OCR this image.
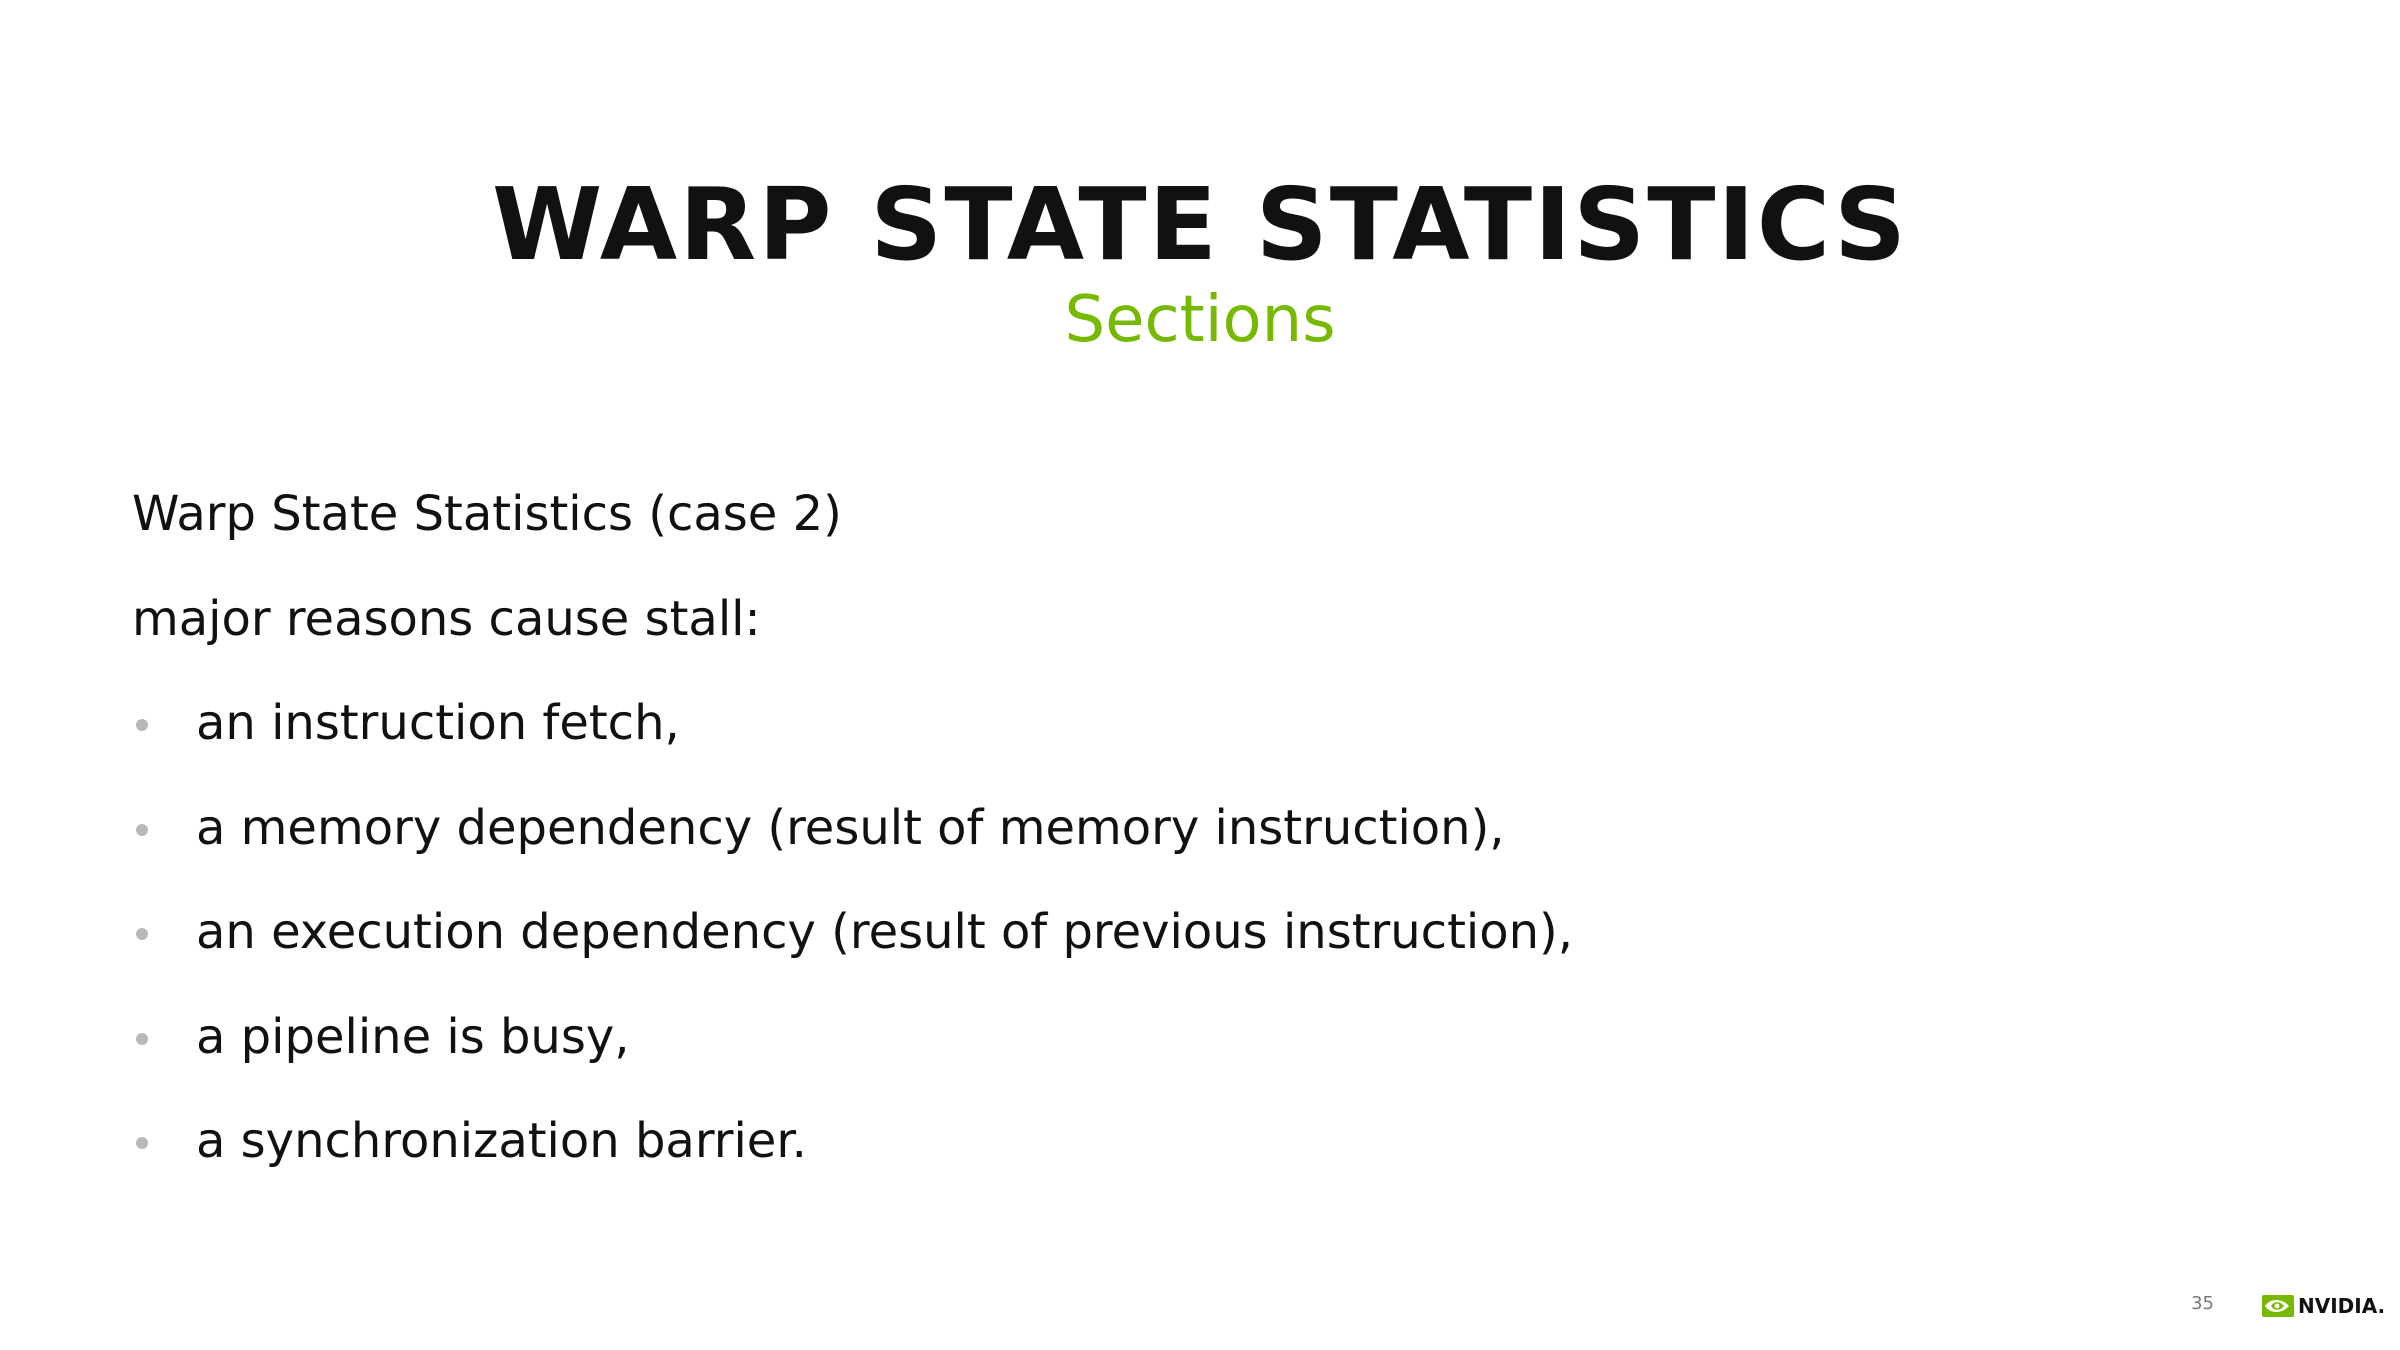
WARP STATE STATISTICS
Sections
Warp State Statistics (case 2)
major reasons cause stall:
an instruction fetch,
a memory dependency (result of memory instruction),
an execution dependency (result of previous instruction),
a pipeline is busy,
a synchronization barrier.
35	NVIDIA.
